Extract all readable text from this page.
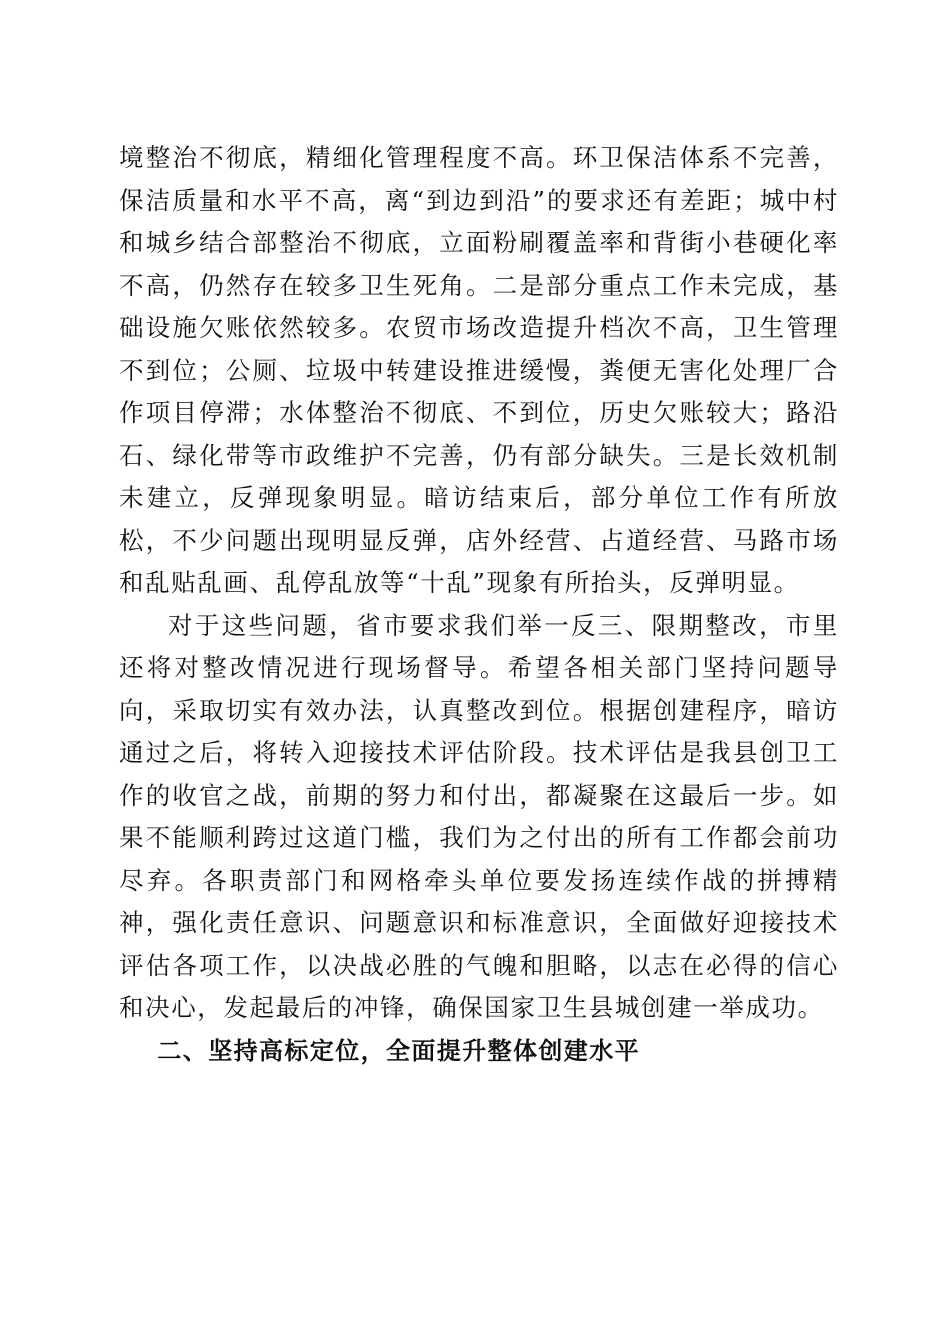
境整治不彻底，精细化管理程度不高。环卫保洁体系不完善，保洁质量和水平不高，离“到边到沿”的要求还有差距；城中村和城乡结合部整治不彻底，立面粉刷覆盖率和背街小巷硬化率不高，仍然存在较多卫生死角。二是部分重点工作未完成，基础设施欠账依然较多。农贸市场改造提升档次不高，卫生管理不到位；公厕、垃圾中转建设推进缓慢，粪便无害化处理厂合作项目停滞；水体整治不彻底、不到位，历史欠账较大；路沿石、绿化带等市政维护不完善，仍有部分缺失。三是长效机制未建立，反弹现象明显。暗访结束后，部分单位工作有所放松，不少问题出现明显反弹，店外经营、占道经营、马路市场和乱贴乱画、乱停乱放等“十乱”现象有所抬头，反弹明显。

对于这些问题，省市要求我们举一反三、限期整改，市里还将对整改情况进行现场督导。希望各相关部门坚持问题导向，采取切实有效办法，认真整改到位。根据创建程序，暗访通过之后，将转入迎接技术评估阶段。技术评估是我县创卫工作的收官之战，前期的努力和付出，都凝聚在这最后一步。如果不能顺利跨过这道门槛，我们为之付出的所有工作都会前功尽弃。各职责部门和网格牵头单位要发扬连续作战的拼搏精神，强化责任意识、问题意识和标准意识，全面做好迎接技术评估各项工作，以决战必胜的气魄和胆略，以志在必得的信心和决心，发起最后的冲锋，确保国家卫生县城创建一举成功。

二、坚持高标定位，全面提升整体创建水平
